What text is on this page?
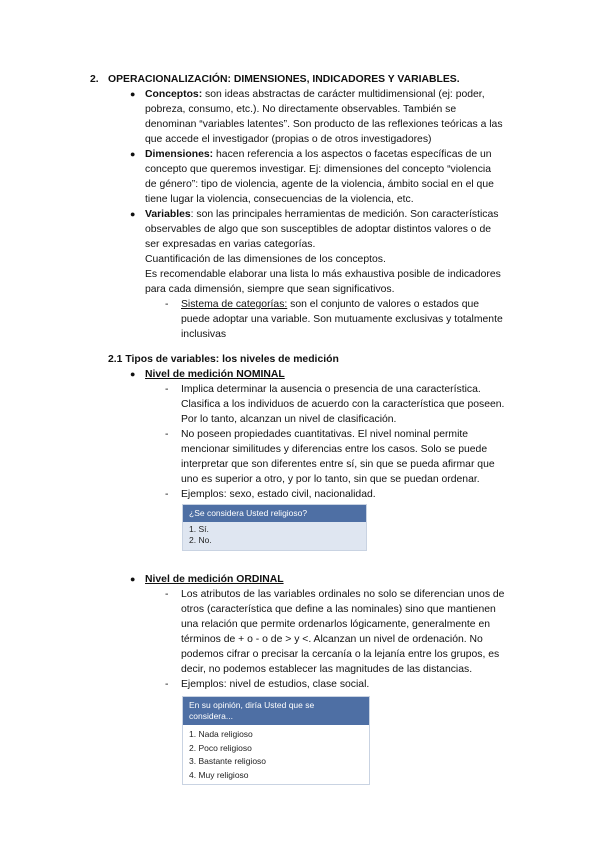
2. OPERACIONALIZACIÓN: DIMENSIONES, INDICADORES Y VARIABLES.
● Conceptos: son ideas abstractas de carácter multidimensional (ej: poder,
pobreza, consumo, etc.). No directamente observables. También se
denominan “variables latentes”. Son producto de las reflexiones teóricas a las
que accede el investigador (propias o de otros investigadores)
● Dimensiones: hacen referencia a los aspectos o facetas específicas de un
concepto que queremos investigar. Ej: dimensiones del concepto “violencia
de género”: tipo de violencia, agente de la violencia, ámbito social en el que
tiene lugar la violencia, consecuencias de la violencia, etc.
● Variables: son las principales herramientas de medición. Son características
observables de algo que son susceptibles de adoptar distintos valores o de
ser expresadas en varias categorías.
Cuantificación de las dimensiones de los conceptos.
Es recomendable elaborar una lista lo más exhaustiva posible de indicadores
para cada dimensión, siempre que sean significativos.
- Sistema de categorías: son el conjunto de valores o estados que
puede adoptar una variable. Son mutuamente exclusivas y totalmente
inclusivas
2.1 Tipos de variables: los niveles de medición
● Nivel de medición NOMINAL
- Implica determinar la ausencia o presencia de una característica.
Clasifica a los individuos de acuerdo con la característica que poseen.
Por lo tanto, alcanzan un nivel de clasificación.
- No poseen propiedades cuantitativas. El nivel nominal permite
mencionar similitudes y diferencias entre los casos. Solo se puede
interpretar que son diferentes entre sí, sin que se pueda afirmar que
uno es superior a otro, y por lo tanto, sin que se puedan ordenar.
- Ejemplos: sexo, estado civil, nacionalidad.
¿Se considera Usted religioso?
1. Sí.
2. No.
● Nivel de medición ORDINAL
- Los atributos de las variables ordinales no solo se diferencian unos de
otros (característica que define a las nominales) sino que mantienen
una relación que permite ordenarlos lógicamente, generalmente en
términos de + o - o de > y <. Alcanzan un nivel de ordenación. No
podemos cifrar o precisar la cercanía o la lejanía entre los grupos, es
decir, no podemos establecer las magnitudes de las distancias.
- Ejemplos: nivel de estudios, clase social.
En su opinión, diría Usted que se
considera...
1. Nada religioso
2. Poco religioso
3. Bastante religioso
4. Muy religioso
